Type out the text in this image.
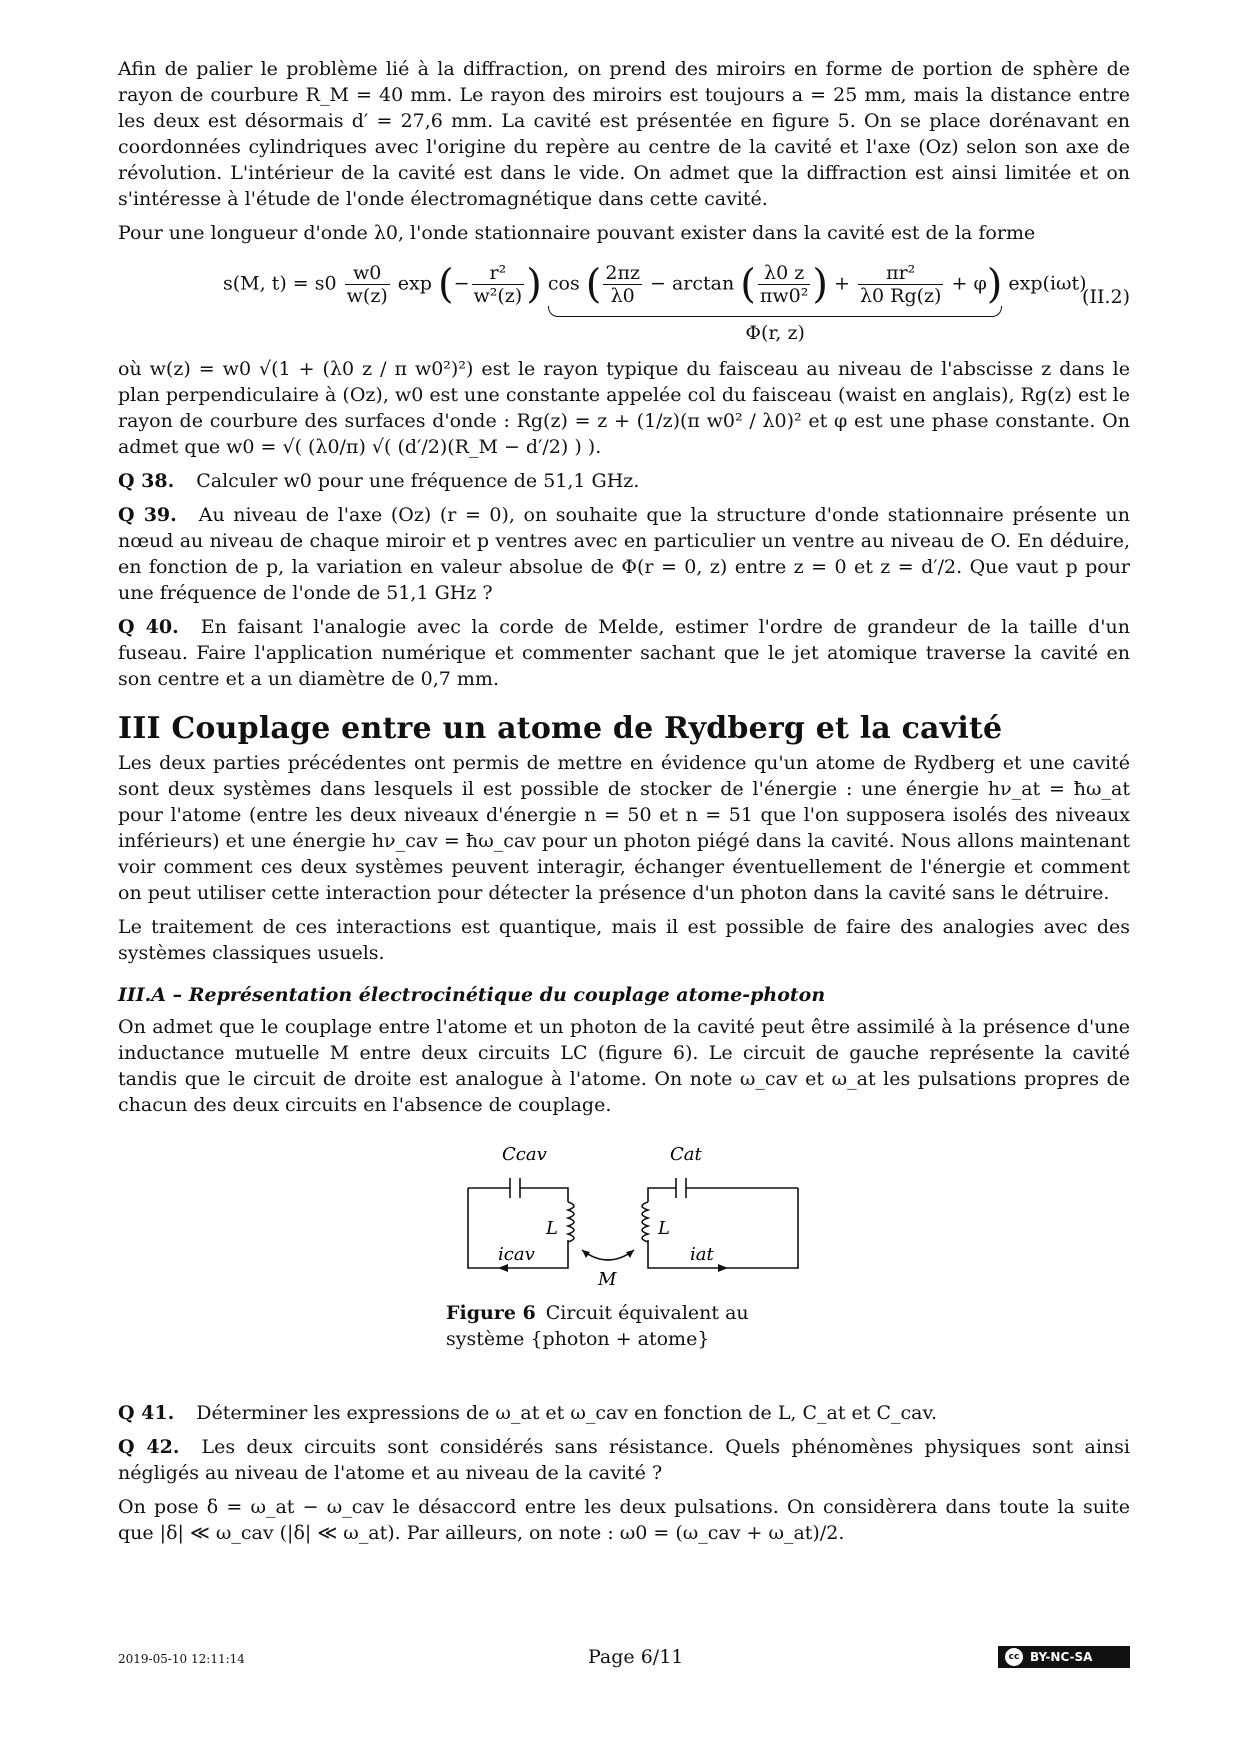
Afin de palier le problème lié à la diffraction, on prend des miroirs en forme de portion de sphère de rayon de courbure R_M = 40 mm. Le rayon des miroirs est toujours a = 25 mm, mais la distance entre les deux est désormais d′ = 27,6 mm. La cavité est présentée en figure 5. On se place dorénavant en coordonnées cylindriques avec l'origine du repère au centre de la cavité et l'axe (Oz) selon son axe de révolution. L'intérieur de la cavité est dans le vide. On admet que la diffraction est ainsi limitée et on s'intéresse à l'étude de l'onde électromagnétique dans cette cavité.

Pour une longueur d'onde λ0, l'onde stationnaire pouvant exister dans la cavité est de la forme

s(M, $t) = s0 \frac{w0}{w(z)}$ exp (− $\frac{\text{r²}}{\text{w²(z)}}$ ) cos ( $\frac{2\pi z}{\lambda 0} - \arctan$ ( $\frac{\lambda 0 z}{\text{πw0²}}$ ) + $\frac{\text{πr²}}{\lambda 0 Rg(z)} + \varphi$)
Φ(r, z)
exp(iωt)
(II.2)

où w(z) = w0 √(1 + (λ0 z / π w0²)²) est le rayon typique du faisceau au niveau de l'abscisse z dans le plan perpendiculaire à (Oz), w0 est une constante appelée col du faisceau (waist en anglais), Rg(z) est le rayon de courbure des surfaces d'onde : Rg(z) = z + (1/z)(π w0² / λ0)² et φ est une phase constante. On admet que w0 = √( (λ0/π) √( (d′/2)(R_M − d′/2) ) ).

Q 38. Calculer w0 pour une fréquence de 51,1 GHz.

Q 39. Au niveau de l'axe (Oz) (r = 0), on souhaite que la structure d'onde stationnaire présente un nœud au niveau de chaque miroir et p ventres avec en particulier un ventre au niveau de O. En déduire, en fonction de p, la variation en valeur absolue de Φ(r = 0, z) entre z = 0 et z = d′/2. Que vaut p pour une fréquence de l'onde de 51,1 GHz ?

Q 40. En faisant l'analogie avec la corde de Melde, estimer l'ordre de grandeur de la taille d'un fuseau. Faire l'application numérique et commenter sachant que le jet atomique traverse la cavité en son centre et a un diamètre de 0,7 mm.

III Couplage entre un atome de Rydberg et la cavité

Les deux parties précédentes ont permis de mettre en évidence qu'un atome de Rydberg et une cavité sont deux systèmes dans lesquels il est possible de stocker de l'énergie : une énergie hν_at = ħω_at pour l'atome (entre les deux niveaux d'énergie n = 50 et n = 51 que l'on supposera isolés des niveaux inférieurs) et une énergie hν_cav = ħω_cav pour un photon piégé dans la cavité. Nous allons maintenant voir comment ces deux systèmes peuvent interagir, échanger éventuellement de l'énergie et comment on peut utiliser cette interaction pour détecter la présence d'un photon dans la cavité sans le détruire.

Le traitement de ces interactions est quantique, mais il est possible de faire des analogies avec des systèmes classiques usuels.

III.A – Représentation électrocinétique du couplage atome-photon

On admet que le couplage entre l'atome et un photon de la cavité peut être assimilé à la présence d'une inductance mutuelle M entre deux circuits LC (figure 6). Le circuit de gauche représente la cavité tandis que le circuit de droite est analogue à l'atome. On note ω_cav et ω_at les pulsations propres de chacun des deux circuits en l'absence de couplage.

Ccav	Cat
L	L
icav	iat
M
Figure 6 Circuit équivalent au système {photon + atome}

Q 41. Déterminer les expressions de ω_at et ω_cav en fonction de L, C_at et C_cav.

Q 42. Les deux circuits sont considérés sans résistance. Quels phénomènes physiques sont ainsi négligés au niveau de l'atome et au niveau de la cavité ?

On pose δ = ω_at − ω_cav le désaccord entre les deux pulsations. On considèrera dans toute la suite que |δ| ≪ ω_cav (|δ| ≪ ω_at). Par ailleurs, on note : ω0 = (ω_cav + ω_at)/2.

2019-05-10 12:11:14	Page 6/11	cc BY-NC-SA
